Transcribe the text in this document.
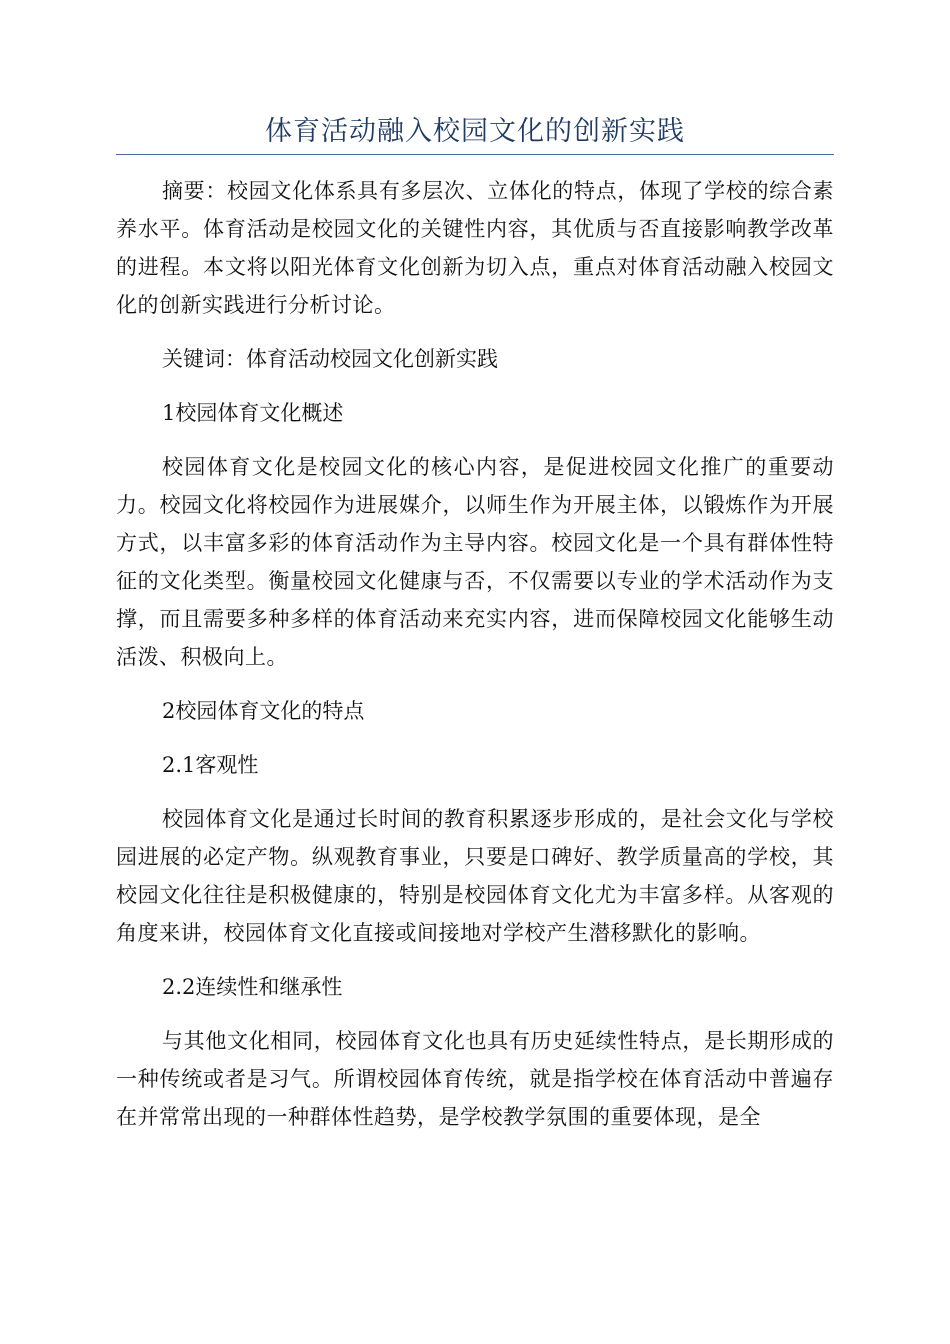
体育活动融入校园文化的创新实践

摘要：校园文化体系具有多层次、立体化的特点，体现了学校的综合素养水平。体育活动是校园文化的关键性内容，其优质与否直接影响教学改革的进程。本文将以阳光体育文化创新为切入点，重点对体育活动融入校园文化的创新实践进行分析讨论。

关键词：体育活动校园文化创新实践

1校园体育文化概述

校园体育文化是校园文化的核心内容，是促进校园文化推广的重要动力。校园文化将校园作为进展媒介，以师生作为开展主体，以锻炼作为开展方式，以丰富多彩的体育活动作为主导内容。校园文化是一个具有群体性特征的文化类型。衡量校园文化健康与否，不仅需要以专业的学术活动作为支撑，而且需要多种多样的体育活动来充实内容，进而保障校园文化能够生动活泼、积极向上。

2校园体育文化的特点

2.1客观性

校园体育文化是通过长时间的教育积累逐步形成的，是社会文化与学校园进展的必定产物。纵观教育事业，只要是口碑好、教学质量高的学校，其校园文化往往是积极健康的，特别是校园体育文化尤为丰富多样。从客观的角度来讲，校园体育文化直接或间接地对学校产生潜移默化的影响。

2.2连续性和继承性

与其他文化相同，校园体育文化也具有历史延续性特点，是长期形成的一种传统或者是习气。所谓校园体育传统，就是指学校在体育活动中普遍存在并常常出现的一种群体性趋势，是学校教学氛围的重要体现，是全
